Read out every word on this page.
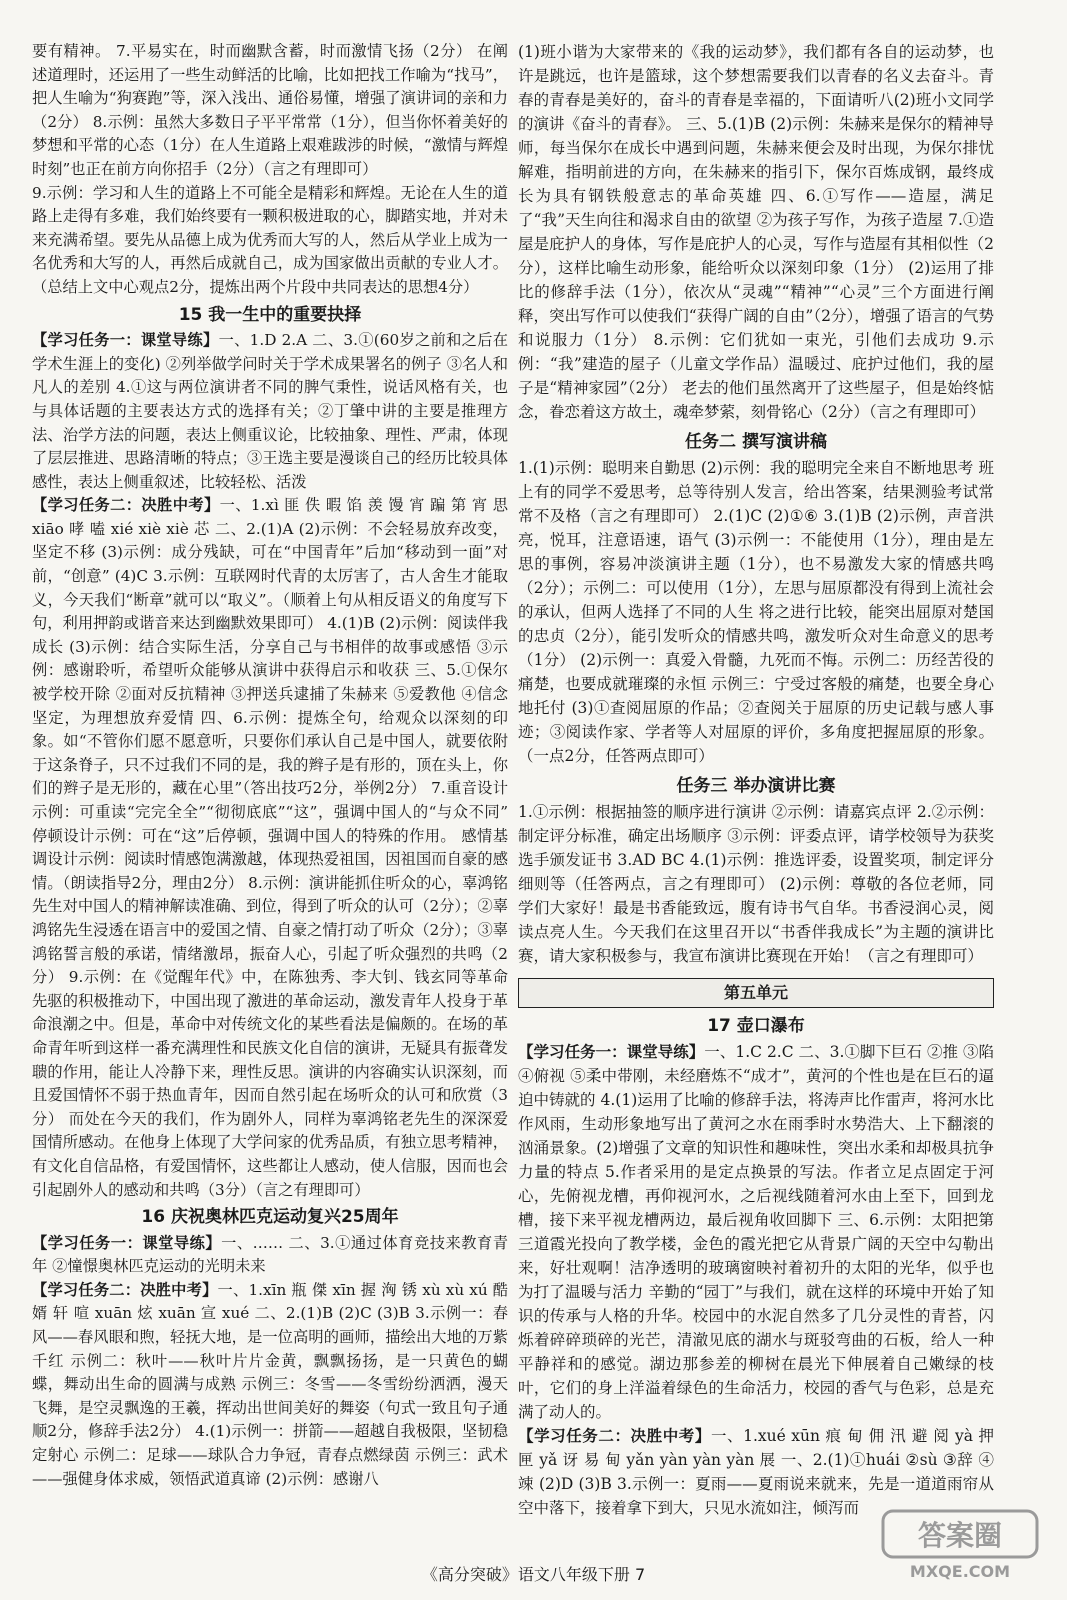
要有精神。 7.平易实在，时而幽默含蓄，时而激情飞扬（2分） 在阐述道理时，还运用了一些生动鲜活的比喻，比如把找工作喻为“找马”，把人生喻为“狗赛跑”等，深入浅出、通俗易懂，增强了演讲词的亲和力（2分） 8.示例：虽然大多数日子平平常常（1分），但当你怀着美好的梦想和平常的心态（1分）在人生道路上艰难跋涉的时候，“激情与辉煌时刻”也正在前方向你招手（2分）（言之有理即可）

9.示例：学习和人生的道路上不可能全是精彩和辉煌。无论在人生的道路上走得有多难，我们始终要有一颗积极进取的心，脚踏实地，并对未来充满希望。要先从品德上成为优秀而大写的人，然后从学业上成为一名优秀和大写的人，再然后成就自己，成为国家做出贡献的专业人才。（总结上文中心观点2分，提炼出两个片段中共同表达的思想4分）

15 我一生中的重要抉择

【学习任务一：课堂导练】一、1.D 2.A 二、3.①(60岁之前和之后在学术生涯上的变化) ②列举做学问时关于学术成果署名的例子 ③名人和凡人的差别 4.①这与两位演讲者不同的脾气秉性，说话风格有关，也与具体话题的主要表达方式的选择有关；②丁肇中讲的主要是推理方法、治学方法的问题，表达上侧重议论，比较抽象、理性、严肃，体现了层层推进、思路清晰的特点；③王选主要是漫谈自己的经历比较具体感性，表达上侧重叙述，比较轻松、活泼

【学习任务二：决胜中考】一、1.xì 匪 佚 暇 馅 羡 馒 宵 蹁 第 宵 思 xiāo 哮 嗑 xié xiè xiè 芯 二、2.(1)A (2)示例：不会轻易放弃改变，坚定不移 (3)示例：成分残缺，可在“中国青年”后加“移动到一面”对前，“创意” (4)C 3.示例：互联网时代青的太厉害了，古人舍生才能取义，今天我们“断章”就可以“取义”。（顺着上句从相反语义的角度写下句，利用押韵或谐音来达到幽默效果即可） 4.(1)B (2)示例：阅读伴我成长 (3)示例：结合实际生活，分享自己与书相伴的故事或感悟 ③示例：感谢聆听，希望听众能够从演讲中获得启示和收获 三、5.①保尔被学校开除 ②面对反抗精神 ③押送兵逮捕了朱赫来 ⑤爱教他 ④信念坚定，为理想放弃爱情 四、6.示例：提炼全句，给观众以深刻的印象。如“不管你们愿不愿意听，只要你们承认自己是中国人，就要依附于这条脊子，只不过我们不同的是，我的辫子是有形的，顶在头上，你们的辫子是无形的，藏在心里”（答出技巧2分，举例2分） 7.重音设计示例：可重读“完完全全”“彻彻底底”“这”，强调中国人的“与众不同” 停顿设计示例：可在“这”后停顿，强调中国人的特殊的作用。 感情基调设计示例：阅读时情感饱满激越，体现热爱祖国，因祖国而自豪的感情。（朗读指导2分，理由2分） 8.示例：演讲能抓住听众的心，辜鸿铭先生对中国人的精神解读准确、到位，得到了听众的认可（2分）；②辜鸿铭先生浸透在语言中的爱国之情、自豪之情打动了听众（2分）；③辜鸿铭誓言般的承诺，情绪激昂，振奋人心，引起了听众强烈的共鸣（2分） 9.示例：在《觉醒年代》中，在陈独秀、李大钊、钱玄同等革命先驱的积极推动下，中国出现了激进的革命运动，激发青年人投身于革命浪潮之中。但是，革命中对传统文化的某些看法是偏颇的。在场的革命青年听到这样一番充满理性和民族文化自信的演讲，无疑具有振聋发聩的作用，能让人冷静下来，理性反思。演讲的内容确实认识深刻，而且爱国情怀不弱于热血青年，因而自然引起在场听众的认可和欣赏（3分） 而处在今天的我们，作为剧外人，同样为辜鸿铭老先生的深深爱国情所感动。在他身上体现了大学问家的优秀品质，有独立思考精神，有文化自信品格，有爱国情怀，这些都让人感动，使人信服，因而也会引起剧外人的感动和共鸣（3分）（言之有理即可）

16 庆祝奥林匹克运动复兴25周年

【学习任务一：课堂导练】一、…… 二、3.①通过体育竞技来教育青年 ②憧憬奥林匹克运动的光明未来

【学习任务二：决胜中考】一、1.xīn 瓶 傑 xīn 握 洶 锈 xù xù xú 酷 婿 轩 喧 xuān 炫 xuān 宣 xué 二、2.(1)B (2)C (3)B 3.示例一：春风——春风眼和煦，轻抚大地，是一位高明的画师，描绘出大地的万紫千红 示例二：秋叶——秋叶片片金黄，飘飘扬扬，是一只黄色的蝴蝶，舞动出生命的圆满与成熟 示例三：冬雪——冬雪纷纷洒洒，漫天飞舞，是空灵飘逸的王羲，挥动出世间美好的舞姿（句式一致且句子通顺2分，修辞手法2分） 4.(1)示例一：拼箭——超越自我极限，坚韧稳定射心 示例二：足球——球队合力争冠，青春点燃绿茵 示例三：武术——强健身体求威，领悟武道真谛 (2)示例：感谢八

(1)班小谐为大家带来的《我的运动梦》，我们都有各自的运动梦，也许是跳远，也许是篮球，这个梦想需要我们以青春的名义去奋斗。青春的青春是美好的，奋斗的青春是幸福的，下面请听八(2)班小文同学的演讲《奋斗的青春》。 三、5.(1)B (2)示例：朱赫来是保尔的精神导师，每当保尔在成长中遇到问题，朱赫来便会及时出现，为保尔排忧解难，指明前进的方向，在朱赫来的指引下，保尔百炼成钢，最终成长为具有钢铁般意志的革命英雄 四、6.①写作——造屋，满足了“我”天生向往和渴求自由的欲望 ②为孩子写作，为孩子造屋 7.①造屋是庇护人的身体，写作是庇护人的心灵，写作与造屋有其相似性（2分），这样比喻生动形象，能给听众以深刻印象（1分） (2)运用了排比的修辞手法（1分），依次从“灵魂”“精神”“心灵”三个方面进行阐释，突出写作可以使我们“获得广阔的自由”（2分），增强了语言的气势和说服力（1分） 8.示例：它们犹如一束光，引他们去成功 9.示例：“我”建造的屋子（儿童文学作品）温暖过、庇护过他们，我的屋子是“精神家园”（2分） 老去的他们虽然离开了这些屋子，但是始终惦念，眷恋着这方故土，魂牵梦萦，刻骨铭心（2分）（言之有理即可）

任务二 撰写演讲稿

1.(1)示例：聪明来自勤思 (2)示例：我的聪明完全来自不断地思考 班上有的同学不爱思考，总等待别人发言，给出答案，结果测验考试常常不及格（言之有理即可） 2.(1)C (2)①⑥ 3.(1)B (2)示例，声音洪亮，悦耳，注意语速，语气 (3)示例一：不能使用（1分），理由是左思的事例，容易冲淡演讲主题（1分），也不易激发大家的情感共鸣（2分）；示例二：可以使用（1分），左思与屈原都没有得到上流社会的承认，但两人选择了不同的人生 将之进行比较，能突出屈原对楚国的忠贞（2分），能引发听众的情感共鸣，激发听众对生命意义的思考（1分） (2)示例一：真爱入骨髓，九死而不悔。示例二：历经苦役的痛楚，也要成就璀璨的永恒 示例三：宁受过客般的痛楚，也要全身心地托付 (3)①查阅屈原的作品；②查阅关于屈原的历史记载与感人事迹；③阅读作家、学者等人对屈原的评价，多角度把握屈原的形象。（一点2分，任答两点即可）

任务三 举办演讲比赛

1.①示例：根据抽签的顺序进行演讲 ②示例：请嘉宾点评 2.②示例：制定评分标准，确定出场顺序 ③示例：评委点评，请学校领导为获奖选手颁发证书 3.AD BC 4.(1)示例：推选评委，设置奖项，制定评分细则等（任答两点，言之有理即可） (2)示例：尊敬的各位老师，同学们大家好！最是书香能致远，腹有诗书气自华。书香浸润心灵，阅读点亮人生。今天我们在这里召开以“书香伴我成长”为主题的演讲比赛，请大家积极参与，我宣布演讲比赛现在开始！（言之有理即可）

第五单元
17 壶口瀑布

【学习任务一：课堂导练】一、1.C 2.C 二、3.①脚下巨石 ②推 ③陷 ④俯视 ⑤柔中带刚，未经磨炼不“成才”，黄河的个性也是在巨石的逼迫中铸就的 4.(1)运用了比喻的修辞手法，将涛声比作雷声，将河水比作风雨，生动形象地写出了黄河之水在雨季时水势浩大、上下翻滚的汹涌景象。(2)增强了文章的知识性和趣味性，突出水柔和却极具抗争力量的特点 5.作者采用的是定点换景的写法。作者立足点固定于河心，先俯视龙槽，再仰视河水，之后视线随着河水由上至下，回到龙槽，接下来平视龙槽两边，最后视角收回脚下 三、6.示例：太阳把第三道霞光投向了教学楼，金色的霞光把它从背景广阔的天空中勾勒出来，好壮观啊！洁净透明的玻璃窗映衬着初升的太阳的光华，似乎也为打了温暖与活力 辛勤的“园丁”与我们，就在这样的环境中开始了知识的传承与人格的升华。校园中的水泥自然多了几分灵性的青苔，闪烁着碎碎琐碎的光芒，清澈见底的湖水与斑驳弯曲的石板，给人一种平静祥和的感觉。湖边那参差的柳树在晨光下伸展着自己嫩绿的枝叶，它们的身上洋溢着绿色的生命活力，校园的香气与色彩，总是充满了动人的。

【学习任务二：决胜中考】一、1.xué xūn 痕 甸 佣 汛 避 阅 yà 押 匣 yǎ 讶 易 甸 yǎn yàn yàn yàn 展 一、2.(1)①huái ②sù ③辞 ④竦 (2)D (3)B 3.示例一：夏雨——夏雨说来就来，先是一道道雨帘从空中落下，接着拿下到大，只见水流如注，倾泻而

《高分突破》语文八年级下册 7
答案圈
MXQE.COM
